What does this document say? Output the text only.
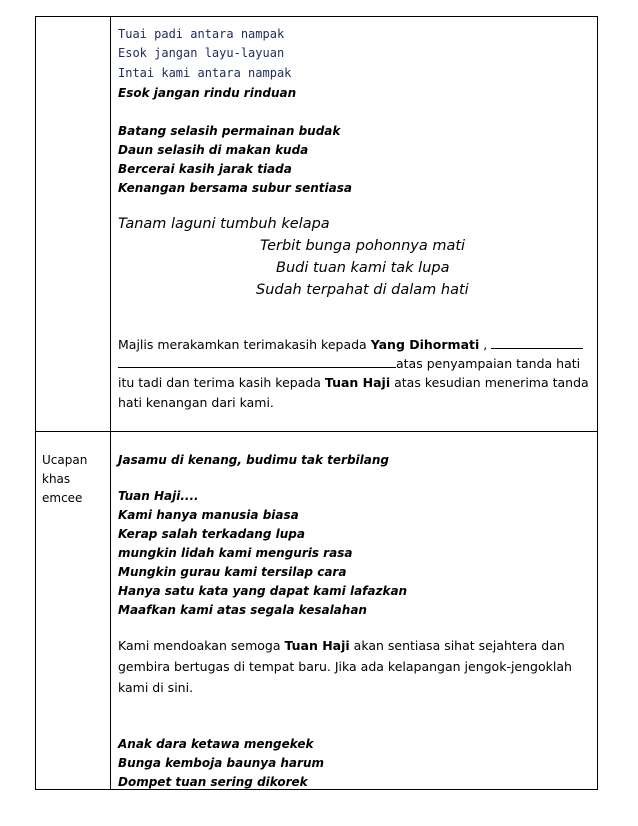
Tuai padi antara nampak
Esok jangan layu-layuan
Intai kami antara nampak
Esok jangan rindu rinduan
Batang selasih permainan budak
Daun selasih di makan kuda
Bercerai kasih jarak tiada
Kenangan bersama subur sentiasa
Tanam laguni tumbuh kelapa
Terbit bunga pohonnya mati
Budi tuan kami tak lupa
Sudah terpahat di dalam hati
Majlis merakamkan terimakasih kepada Yang Dihormati ,
atas penyampaian tanda hati
itu tadi dan terima kasih kepada Tuan Haji atas kesudian menerima tanda
hati kenangan dari kami.
Ucapan
khas
emcee
Jasamu di kenang, budimu tak terbilang
Tuan Haji....
Kami hanya manusia biasa
Kerap salah terkadang lupa
mungkin lidah kami menguris rasa
Mungkin gurau kami tersilap cara
Hanya satu kata yang dapat kami lafazkan
Maafkan kami atas segala kesalahan
Kami mendoakan semoga Tuan Haji akan sentiasa sihat sejahtera dan
gembira bertugas di tempat baru. Jika ada kelapangan jengok-jengoklah
kami di sini.
Anak dara ketawa mengekek
Bunga kemboja baunya harum
Dompet tuan sering dikorek
